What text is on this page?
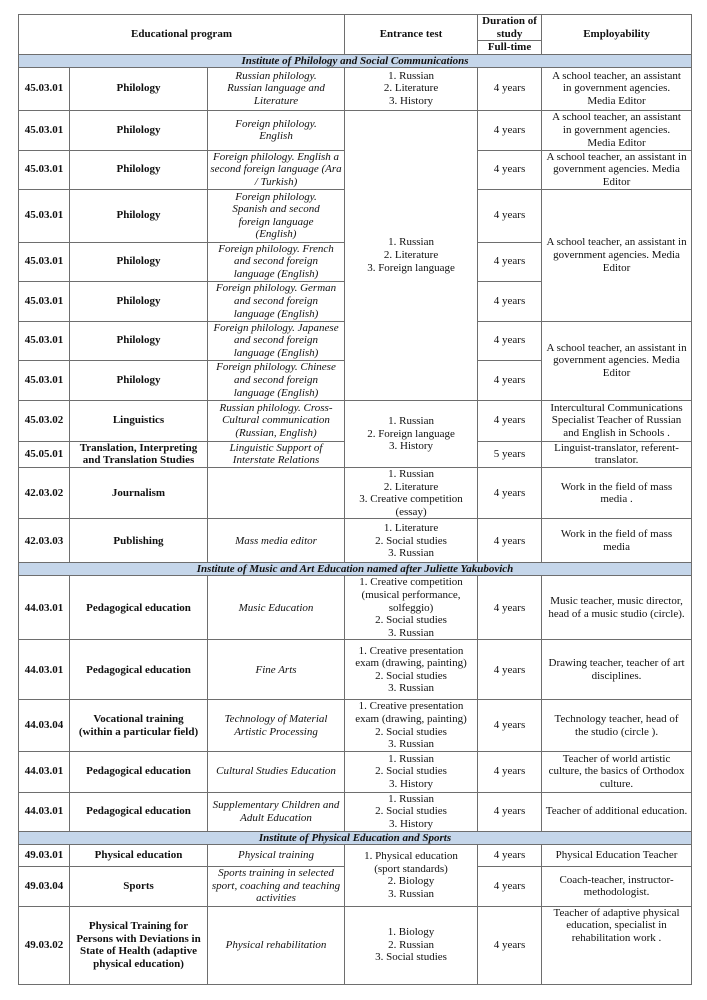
Educational program			Entrance test	Duration of study	Employability
				Full-time	
Institute of Philology and Social Communications					
45.03.01	Philology	Russian philology.
Russian language and
Literature	1. Russian
2. Literature
3. History	4 years	A school teacher, an assistant
in government agencies.
Media Editor

45.03.01	Philology	Foreign philology.
English	1. Russian
2. Literature
3. Foreign language	4 years	A school teacher, an assistant
in government agencies.
Media Editor

45.03.01	Philology	Foreign philology. English a
second foreign language (Ara
/ Turkish)		4 years	A school teacher, an assistant in
government agencies. Media
Editor

45.03.01	Philology	Foreign philology.
Spanish and second
foreign language
(English)		4 years	A school teacher, an assistant in
government agencies. Media
Editor

45.03.01	Philology	Foreign philology. French
and second foreign
language (English)		4 years	
45.03.01	Philology	Foreign philology. German
and second foreign
language (English)		4 years	
45.03.01	Philology	Foreign philology. Japanese
and second foreign
language (English)		4 years	A school teacher, an assistant in
government agencies. Media
Editor

45.03.01	Philology	Foreign philology. Chinese
and second foreign
language (English)		4 years	
45.03.02	Linguistics	Russian philology. Cross-
Cultural communication
(Russian, English)	1. Russian
2. Foreign language
3. History	4 years	Intercultural Communications
Specialist Teacher of Russian
and English in Schools .

45.05.01	Translation, Interpreting
and Translation Studies	Linguistic Support of
Interstate Relations		5 years	Linguist-translator, referent-
translator.

42.03.02	Journalism		1. Russian
2. Literature
3. Creative competition
(essay)	4 years	Work in the field of mass
media .

42.03.03	Publishing	Mass media editor	1. Literature
2. Social studies
3. Russian	4 years	Work in the field of mass
media

Institute of Music and Art Education named after Juliette Yakubovich					
44.03.01	Pedagogical education	Music Education	1. Creative competition
(musical performance,
solfeggio)
2. Social studies
3. Russian	4 years	Music teacher, music director,
head of a music studio (circle).

44.03.01	Pedagogical education	Fine Arts	1. Creative presentation
exam (drawing, painting)
2. Social studies
3. Russian	4 years	Drawing teacher, teacher of art
disciplines.

44.03.04	Vocational training
(within a particular field)	Technology of Material
Artistic Processing	1. Creative presentation
exam (drawing, painting)
2. Social studies
3. Russian	4 years	Technology teacher, head of
the studio (circle ).

44.03.01	Pedagogical education	Cultural Studies Education	1. Russian
2. Social studies
3. History	4 years	Teacher of world artistic
culture, the basics of Orthodox
culture.

44.03.01	Pedagogical education	Supplementary Children and
Adult Education	1. Russian
2. Social studies
3. History	4 years	Teacher of additional education.

Institute of Physical Education and Sports					
49.03.01	Physical education	Physical training	1. Physical education
(sport standards)
2. Biology
3. Russian	4 years	Physical Education Teacher

49.03.04	Sports	Sports training in selected
sport, coaching and teaching
activities		4 years	Coach-teacher, instructor-
methodologist.

49.03.02	Physical Training for
Persons with Deviations in
State of Health (adaptive
physical education)	Physical rehabilitation	1. Biology
2. Russian
3. Social studies	4 years	Teacher of adaptive physical
education, specialist in
rehabilitation work .
